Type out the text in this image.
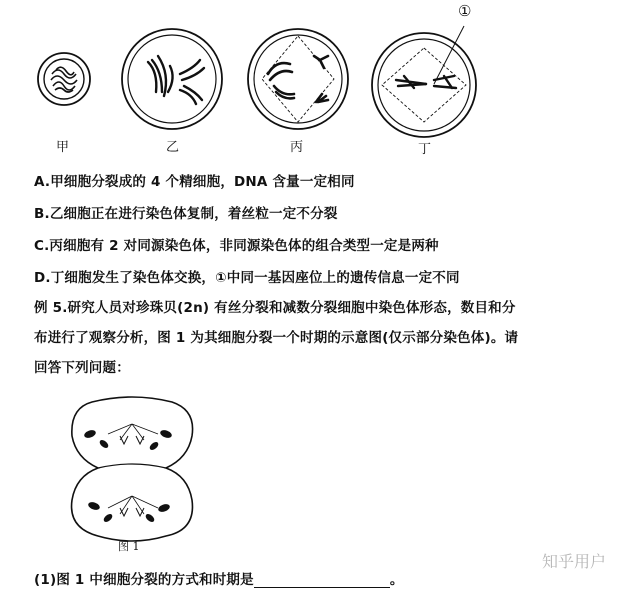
甲	乙	丙	丁
①
A.甲细胞分裂成的 4 个精细胞，DNA 含量一定相同
B.乙细胞正在进行染色体复制，着丝粒一定不分裂
C.丙细胞有 2 对同源染色体，非同源染色体的组合类型一定是两种
D.丁细胞发生了染色体交换，①中同一基因座位上的遗传信息一定不同
例 5.研究人员对珍珠贝(2n) 有丝分裂和减数分裂细胞中染色体形态，数目和分
布进行了观察分析，图 1 为其细胞分裂一个时期的示意图(仅示部分染色体)。请
回答下列问题：
图 1
(1)图 1 中细胞分裂的方式和时期是	。
知乎用户
